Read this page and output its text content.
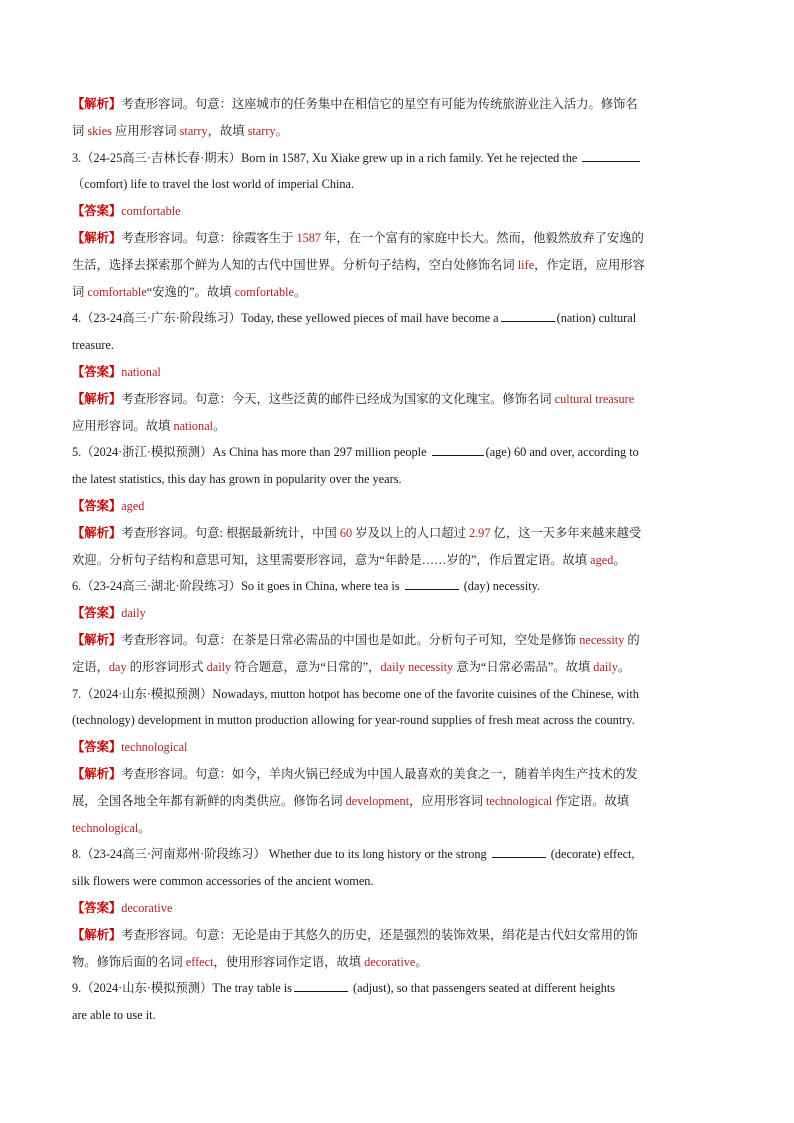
【解析】考查形容词。句意：这座城市的任务集中在相信它的星空有可能为传统旅游业注入活力。修饰名
词 skies 应用形容词 starry，故填 starry。
3.（24-25高三·吉林长春·期末）Born in 1587, Xu Xiake grew up in a rich family. Yet he rejected the
（comfort) life to travel the lost world of imperial China.
【答案】comfortable
【解析】考查形容词。句意：徐霞客生于 1587 年，在一个富有的家庭中长大。然而，他毅然放弃了安逸的
生活，选择去探索那个鲜为人知的古代中国世界。分析句子结构，空白处修饰名词 life，作定语，应用形容
词 comfortable“安逸的”。故填 comfortable。
4.（23-24高三·广东·阶段练习）Today, these yellowed pieces of mail have become a	(nation) cultural
treasure.
【答案】national
【解析】考查形容词。句意：今天，这些泛黄的邮件已经成为国家的文化瑰宝。修饰名词 cultural treasure
应用形容词。故填 national。
5.（2024·浙江·模拟预测）As China has more than 297 million people	(age) 60 and over, according to
the latest statistics, this day has grown in popularity over the years.
【答案】aged
【解析】考查形容词。句意: 根据最新统计，中国 60 岁及以上的人口超过 2.97 亿，这一天多年来越来越受
欢迎。分析句子结构和意思可知，这里需要形容词，意为“年龄是……岁的”，作后置定语。故填 aged。
6.（23-24高三·湖北·阶段练习）So it goes in China, where tea is	(day) necessity.
【答案】daily
【解析】考查形容词。句意：在茶是日常必需品的中国也是如此。分析句子可知，空处是修饰 necessity 的
定语，day 的形容词形式 daily 符合题意，意为“日常的”，daily necessity 意为“日常必需品”。故填 daily。
7.（2024·山东·模拟预测）Nowadays, mutton hotpot has become one of the favorite cuisines of the Chinese, with
(technology) development in mutton production allowing for year-round supplies of fresh meat across the country.
【答案】technological
【解析】考查形容词。句意：如今，羊肉火锅已经成为中国人最喜欢的美食之一，随着羊肉生产技术的发
展，全国各地全年都有新鲜的肉类供应。修饰名词 development，应用形容词 technological 作定语。故填
technological。
8.（23-24高三·河南郑州·阶段练习） Whether due to its long history or the strong	(decorate) effect,
silk flowers were common accessories of the ancient women.
【答案】decorative
【解析】考查形容词。句意：无论是由于其悠久的历史，还是强烈的装饰效果，绢花是古代妇女常用的饰
物。修饰后面的名词 effect，使用形容词作定语，故填 decorative。
9.（2024·山东·模拟预测）The tray table is	(adjust), so that passengers seated at different heights
are able to use it.
